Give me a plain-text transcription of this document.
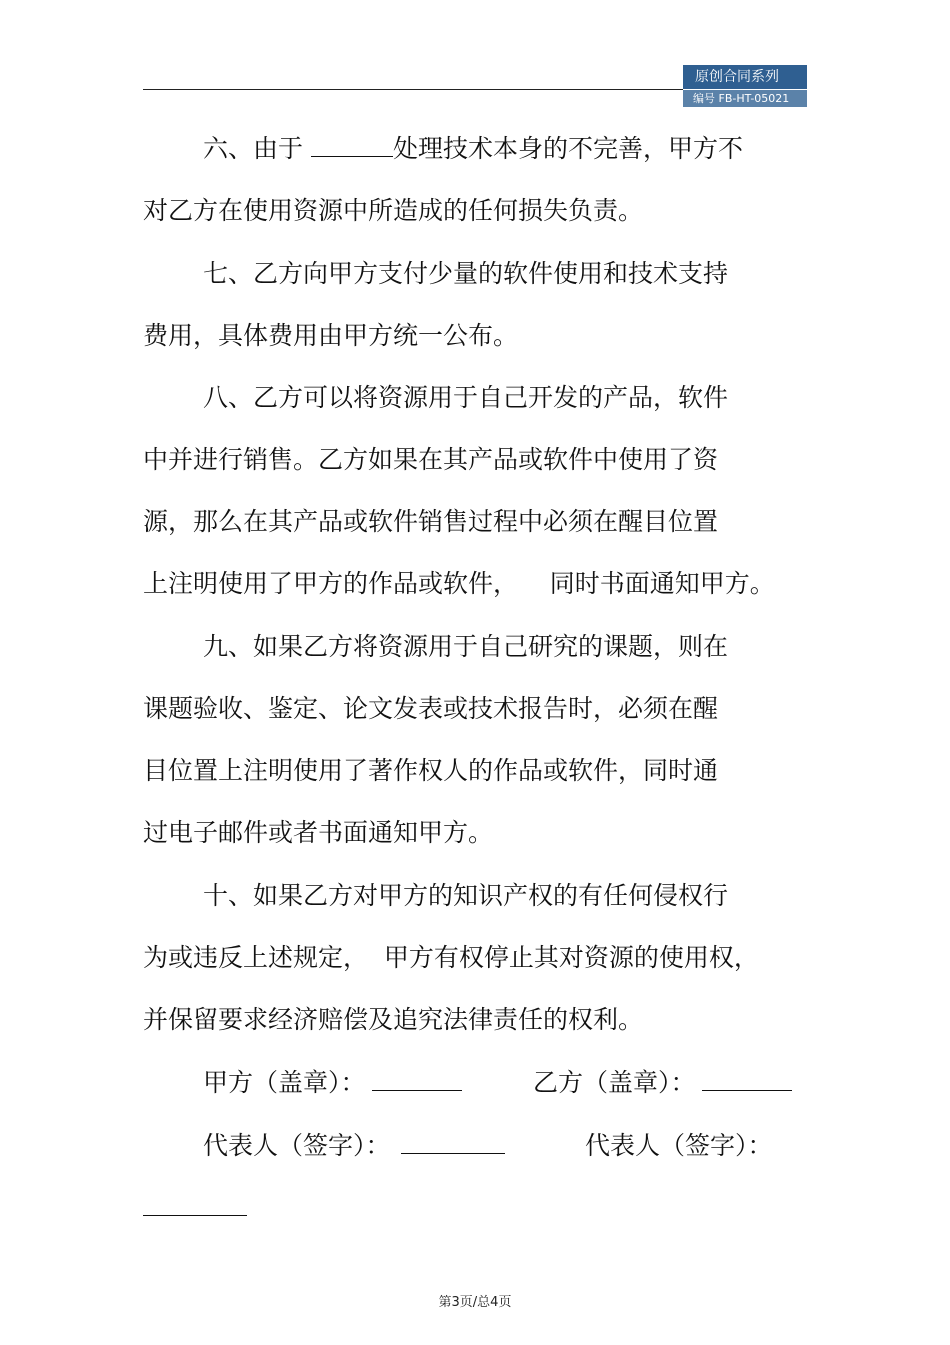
原创合同系列
编号 FB-HT-05021
六、由于	处理技术本身的不完善，甲方不
对乙方在使用资源中所造成的任何损失负责。
七、乙方向甲方支付少量的软件使用和技术支持
费用，具体费用由甲方统一公布。
八、乙方可以将资源用于自己开发的产品，软件
中并进行销售。乙方如果在其产品或软件中使用了资
源，那么在其产品或软件销售过程中必须在醒目位置
上注明使用了甲方的作品或软件，    同时书面通知甲方。
九、如果乙方将资源用于自己研究的课题，则在
课题验收、鉴定、论文发表或技术报告时，必须在醒
目位置上注明使用了著作权人的作品或软件，同时通
过电子邮件或者书面通知甲方。
十、如果乙方对甲方的知识产权的有任何侵权行
为或违反上述规定，  甲方有权停止其对资源的使用权，
并保留要求经济赔偿及追究法律责任的权利。
甲方（盖章）：	乙方（盖章）：
代表人（签字）：	代表人（签字）：
第3页/总4页
